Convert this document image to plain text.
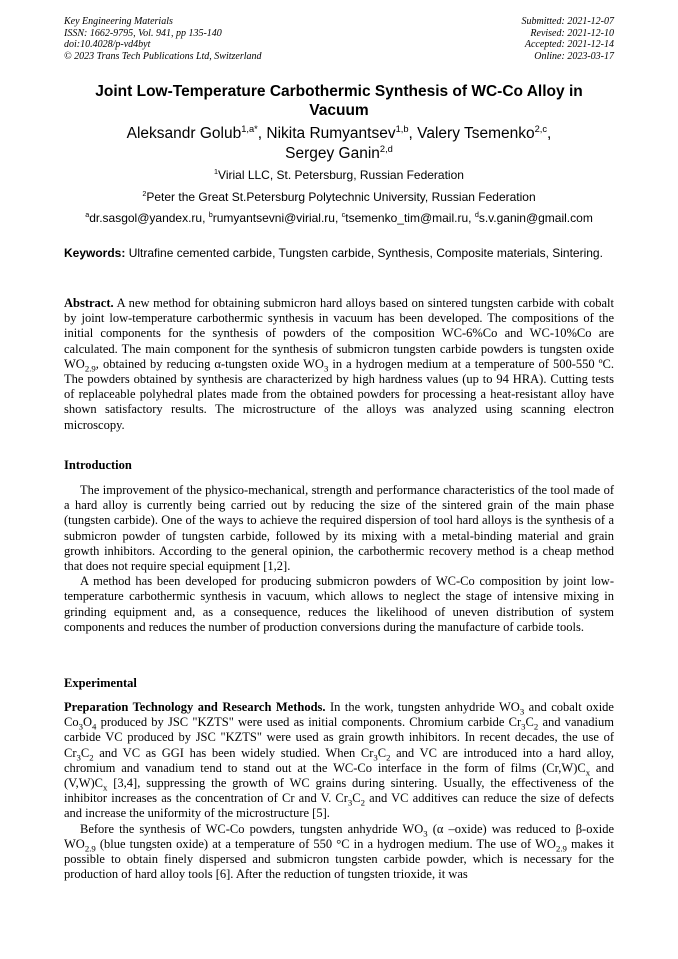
Key Engineering Materials
ISSN: 1662-9795, Vol. 941, pp 135-140
doi:10.4028/p-vd4byt
© 2023 Trans Tech Publications Ltd, Switzerland
Submitted: 2021-12-07
Revised: 2021-12-10
Accepted: 2021-12-14
Online: 2023-03-17
Joint Low-Temperature Carbothermic Synthesis of WC-Co Alloy in Vacuum
Aleksandr Golub$^{1,a*}$, Nikita Rumyantsev$^{1,b}$, Valery Tsemenko$^{2,c}$,
Sergey Ganin$^{2,d}$
$^1$Virial LLC, St. Petersburg, Russian Federation
$^2$Peter the Great St.Petersburg Polytechnic University, Russian Federation
$^a$dr.sasgol@yandex.ru, $^b$rumyantsevni@virial.ru, $^c$tsemenko_tim@mail.ru, $^d$s.v.ganin@gmail.com
Keywords: Ultrafine cemented carbide, Tungsten carbide, Synthesis, Composite materials, Sintering.

Abstract. A new method for obtaining submicron hard alloys based on sintered tungsten carbide with cobalt by joint low-temperature carbothermic synthesis in vacuum has been developed. The compositions of the initial components for the synthesis of powders of the composition WC-6%Co and WC-10%Co are calculated. The main component for the synthesis of submicron tungsten carbide powders is tungsten oxide $WO_{2.9}$, obtained by reducing α-tungsten oxide $WO_3$ in a hydrogen medium at a temperature of 500-550 ºC. The powders obtained by synthesis are characterized by high hardness values (up to 94 HRA). Cutting tests of replaceable polyhedral plates made from the obtained powders for processing a heat-resistant alloy have shown satisfactory results. The microstructure of the alloys was analyzed using scanning electron microscopy.

Introduction

The improvement of the physico-mechanical, strength and performance characteristics of the tool made of a hard alloy is currently being carried out by reducing the size of the sintered grain of the main phase (tungsten carbide). One of the ways to achieve the required dispersion of tool hard alloys is the synthesis of a submicron powder of tungsten carbide, followed by its mixing with a metal-binding material and grain growth inhibitors. According to the general opinion, the carbothermic recovery method is a cheap method that does not require special equipment [1,2].

A method has been developed for producing submicron powders of WC-Co composition by joint low-temperature carbothermic synthesis in vacuum, which allows to neglect the stage of intensive mixing in grinding equipment and, as a consequence, reduces the likelihood of uneven distribution of system components and reduces the number of production conversions during the manufacture of carbide tools.

Experimental

Preparation Technology and Research Methods. In the work, tungsten anhydride $WO_3$ and cobalt oxide $Co_3O_4$ produced by JSC "KZTS" were used as initial components. Chromium carbide $Cr_3C_2$ and vanadium carbide VC produced by JSC "KZTS" were used as grain growth inhibitors. In recent decades, the use of $Cr_3C_2$ and VC as GGI has been widely studied. When $Cr_3C_2$ and VC are introduced into a hard alloy, chromium and vanadium tend to stand out at the WC-Co interface in the form of films $(Cr,W)C_x$ and $(V,W)C_x$ [3,4], suppressing the growth of WC grains during sintering. Usually, the effectiveness of the inhibitor increases as the concentration of Cr and V. $Cr_3C_2$ and VC additives can reduce the size of defects and increase the uniformity of the microstructure [5].

Before the synthesis of WC-Co powders, tungsten anhydride $WO_3$ (α –oxide) was reduced to β-oxide $WO_{2.9}$ (blue tungsten oxide) at a temperature of 550 °C in a hydrogen medium. The use of $WO_{2.9}$ makes it possible to obtain finely dispersed and submicron tungsten carbide powder, which is necessary for the production of hard alloy tools [6]. After the reduction of tungsten trioxide, it was
